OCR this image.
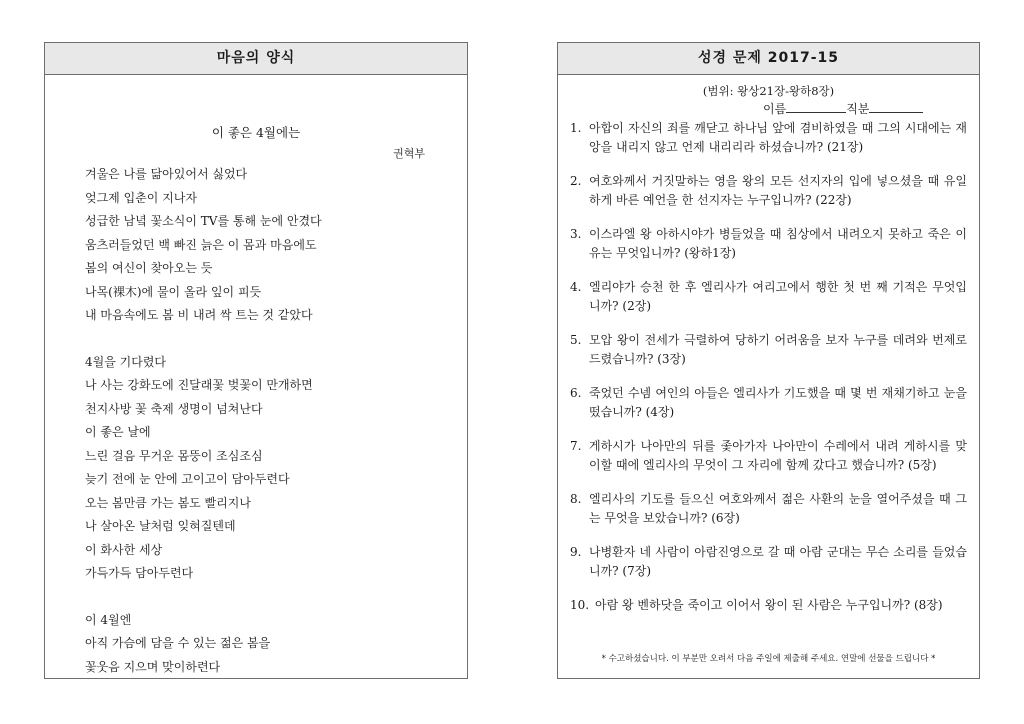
마음의 양식
이 좋은 4월에는
권혁부
겨울은 나를 닮아있어서 싫었다
엊그제 입춘이 지나자
성급한 남녘 꽃소식이 TV를 통해 눈에 안겼다
움츠러들었던 백 빠진 늙은 이 몸과 마음에도
봄의 여신이 찾아오는 듯
나목(裸木)에 물이 올라 잎이 피듯
내 마음속에도 봄 비 내려 싹 트는 것 같았다
4월을 기다렸다
나 사는 강화도에 진달래꽃 벚꽃이 만개하면
천지사방 꽃 축제 생명이 넘쳐난다
이 좋은 날에
느린 걸음 무거운 몸뚱이 조심조심
늦기 전에 눈 안에 고이고이 담아두련다
오는 봄만큼 가는 봄도 빨리지나
나 살아온 날처럼 잊혀질텐데
이 화사한 세상
가득가득 담아두련다
이 4월엔
아직 가슴에 담을 수 있는 젊은 봄을
꽃웃음 지으며 맞이하련다
성경 문제 2017-15
(범위: 왕상21장-왕하8장)
이름	직분
1. 아합이 자신의 죄를 깨닫고 하나님 앞에 겸비하였을 때 그의 시대에는 재앙을 내리지 않고 언제 내리리라 하셨습니까? (21장)
2. 여호와께서 거짓말하는 영을 왕의 모든 선지자의 입에 넣으셨을 때 유일하게 바른 예언을 한 선지자는 누구입니까? (22장)
3. 이스라엘 왕 아하시야가 병들었을 때 침상에서 내려오지 못하고 죽은 이유는 무엇입니까? (왕하1장)
4. 엘리야가 승천 한 후 엘리사가 여리고에서 행한 첫 번 째 기적은 무엇입니까? (2장)
5. 모압 왕이 전세가 극렬하여 당하기 어려움을 보자 누구를 데려와 번제로 드렸습니까? (3장)
6. 죽었던 수넴 여인의 아들은 엘리사가 기도했을 때 몇 번 재채기하고 눈을 떴습니까? (4장)
7. 게하시가 나아만의 뒤를 좇아가자 나아만이 수레에서 내려 게하시를 맞이할 때에 엘리사의 무엇이 그 자리에 함께 갔다고 했습니까? (5장)
8. 엘리사의 기도를 들으신 여호와께서 젊은 사환의 눈을 열어주셨을 때 그는 무엇을 보았습니까? (6장)
9. 나병환자 네 사람이 아람진영으로 갈 때 아람 군대는 무슨 소리를 들었습니까? (7장)
10. 아람 왕 벤하닷을 죽이고 이어서 왕이 된 사람은 누구입니까? (8장)
* 수고하셨습니다. 이 부분만 오려서 다음 주일에 제출해 주세요. 연말에 선물을 드립니다 *
